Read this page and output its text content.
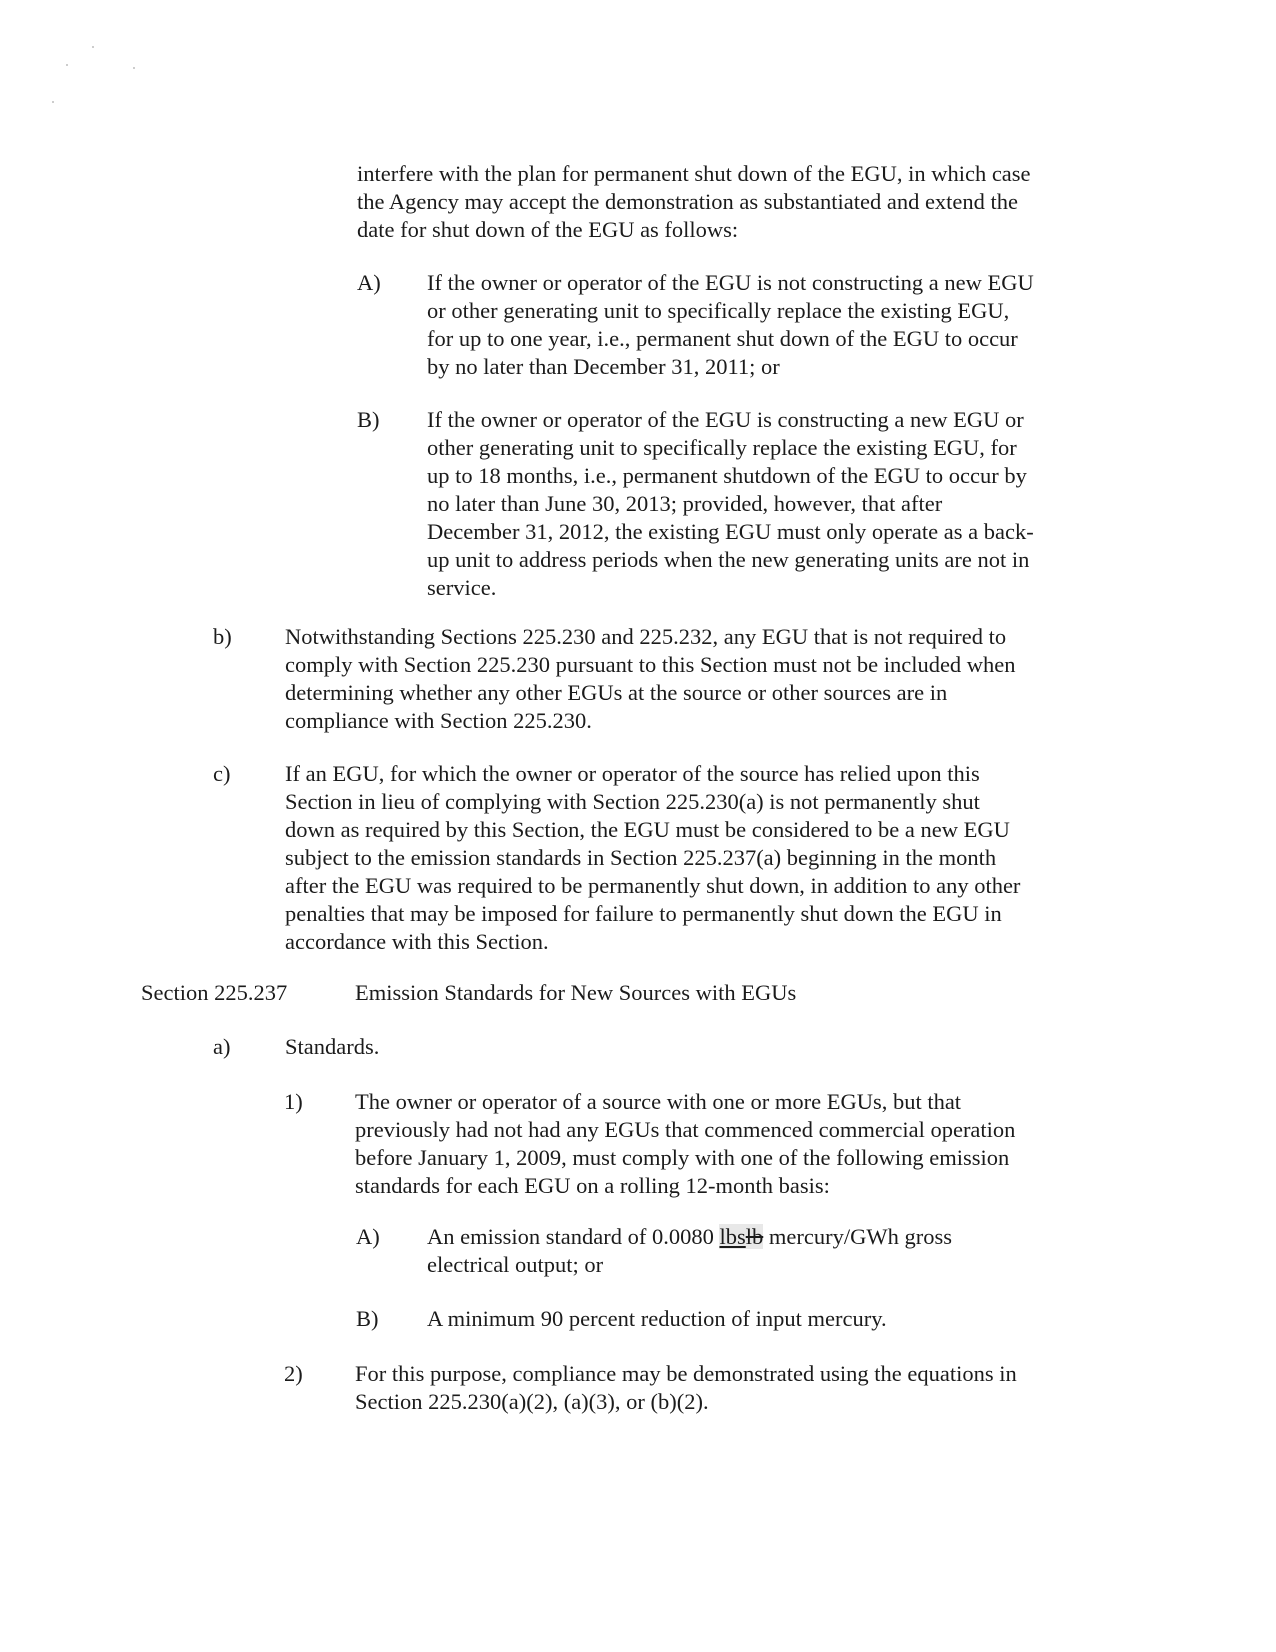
interfere with the plan for permanent shut down of the EGU, in which case
the Agency may accept the demonstration as substantiated and extend the
date for shut down of the EGU as follows:
A) If the owner or operator of the EGU is not constructing a new EGU
or other generating unit to specifically replace the existing EGU,
for up to one year, i.e., permanent shut down of the EGU to occur
by no later than December 31, 2011; or
B) If the owner or operator of the EGU is constructing a new EGU or
other generating unit to specifically replace the existing EGU, for
up to 18 months, i.e., permanent shutdown of the EGU to occur by
no later than June 30, 2013; provided, however, that after
December 31, 2012, the existing EGU must only operate as a back-
up unit to address periods when the new generating units are not in
service.
b) Notwithstanding Sections 225.230 and 225.232, any EGU that is not required to
comply with Section 225.230 pursuant to this Section must not be included when
determining whether any other EGUs at the source or other sources are in
compliance with Section 225.230.
c) If an EGU, for which the owner or operator of the source has relied upon this
Section in lieu of complying with Section 225.230(a) is not permanently shut
down as required by this Section, the EGU must be considered to be a new EGU
subject to the emission standards in Section 225.237(a) beginning in the month
after the EGU was required to be permanently shut down, in addition to any other
penalties that may be imposed for failure to permanently shut down the EGU in
accordance with this Section.
Section 225.237	Emission Standards for New Sources with EGUs
a) Standards.
1) The owner or operator of a source with one or more EGUs, but that
previously had not had any EGUs that commenced commercial operation
before January 1, 2009, must comply with one of the following emission
standards for each EGU on a rolling 12-month basis:
A) An emission standard of 0.0080 lbslb mercury/GWh gross
electrical output; or
B) A minimum 90 percent reduction of input mercury.
2) For this purpose, compliance may be demonstrated using the equations in
Section 225.230(a)(2), (a)(3), or (b)(2).
